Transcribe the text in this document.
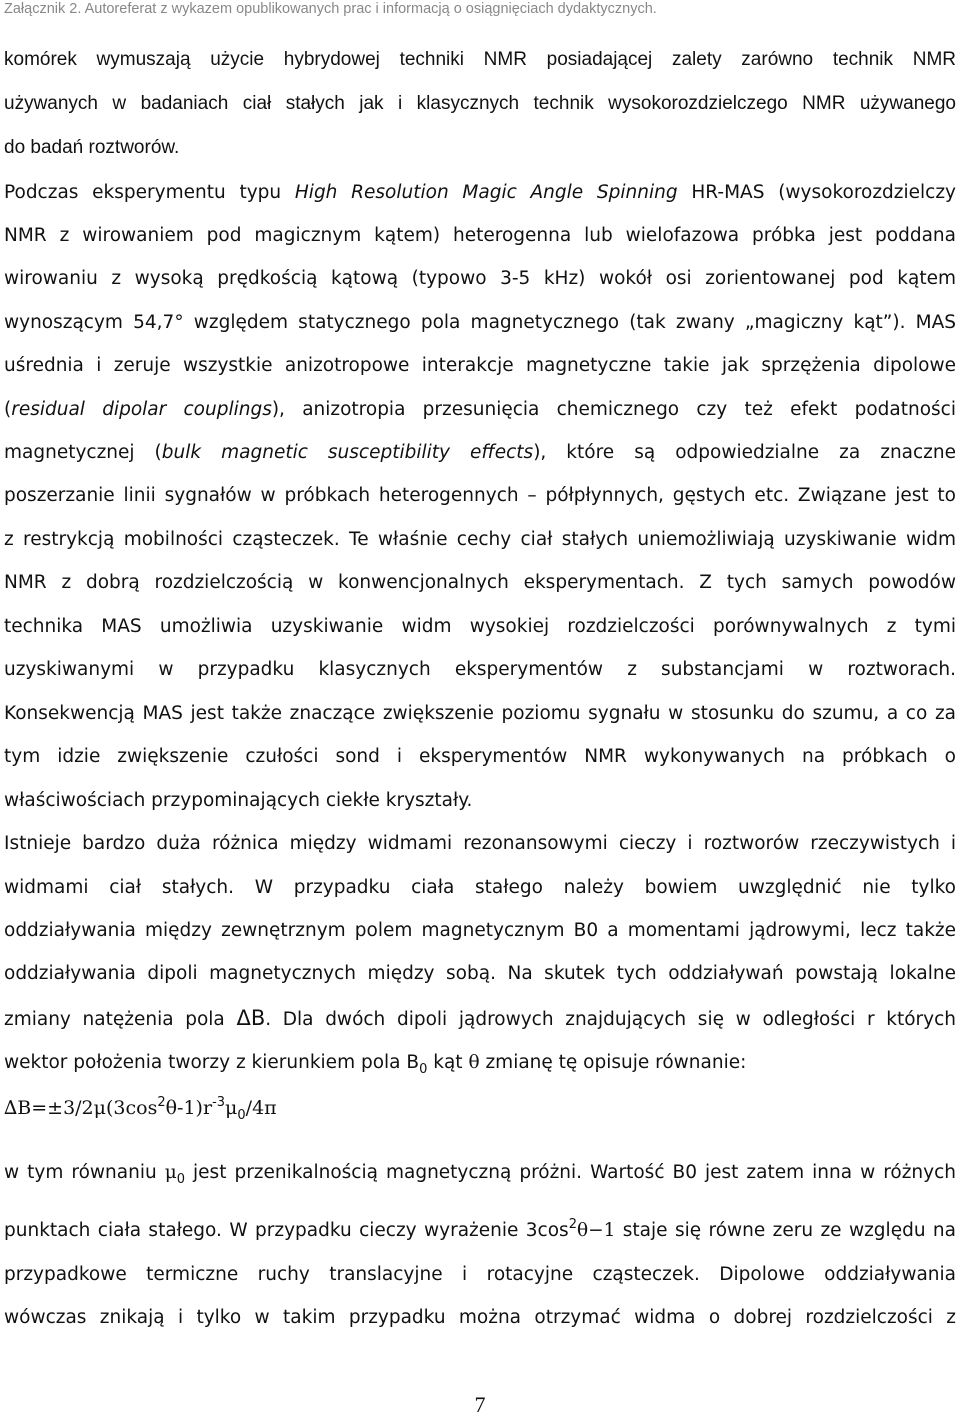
Załącznik 2. Autoreferat z wykazem opublikowanych prac i informacją o osiągnięciach dydaktycznych.
komórek wymuszają użycie hybrydowej techniki NMR posiadającej zalety zarówno technik NMR
używanych w badaniach ciał stałych jak i klasycznych technik wysokorozdzielczego NMR używanego
do badań roztworów.
Podczas eksperymentu typu High Resolution Magic Angle Spinning HR-MAS (wysokorozdzielczy
NMR z wirowaniem pod magicznym kątem) heterogenna lub wielofazowa próbka jest poddana
wirowaniu z wysoką prędkością kątową (typowo 3-5 kHz) wokół osi zorientowanej pod kątem
wynoszącym 54,7° względem statycznego pola magnetycznego (tak zwany „magiczny kąt”). MAS
uśrednia i zeruje wszystkie anizotropowe interakcje magnetyczne takie jak sprzężenia dipolowe
(residual dipolar couplings), anizotropia przesunięcia chemicznego czy też efekt podatności
magnetycznej (bulk magnetic susceptibility effects), które są odpowiedzialne za znaczne
poszerzanie linii sygnałów w próbkach heterogennych – półpłynnych, gęstych etc. Związane jest to
z restrykcją mobilności cząsteczek. Te właśnie cechy ciał stałych uniemożliwiają uzyskiwanie widm
NMR z dobrą rozdzielczością w konwencjonalnych eksperymentach. Z tych samych powodów
technika MAS umożliwia uzyskiwanie widm wysokiej rozdzielczości porównywalnych z tymi
uzyskiwanymi w przypadku klasycznych eksperymentów z substancjami w roztworach.
Konsekwencją MAS jest także znaczące zwiększenie poziomu sygnału w stosunku do szumu, a co za
tym idzie zwiększenie czułości sond i eksperymentów NMR wykonywanych na próbkach o
właściwościach przypominających ciekłe kryształy.
Istnieje bardzo duża różnica między widmami rezonansowymi cieczy i roztworów rzeczywistych i
widmami ciał stałych. W przypadku ciała stałego należy bowiem uwzględnić nie tylko
oddziaływania między zewnętrznym polem magnetycznym B0 a momentami jądrowymi, lecz także
oddziaływania dipoli magnetycznych między sobą. Na skutek tych oddziaływań powstają lokalne
zmiany natężenia pola ΔB. Dla dwóch dipoli jądrowych znajdujących się w odległości r których
wektor położenia tworzy z kierunkiem pola $B_0$ kąt θ zmianę tę opisuje równanie:
$\Delta B=\pm 3/2\mu(3\cos^2\theta-1)r^{-3}\mu_0/4\pi$
w tym równaniu $\mu_0$ jest przenikalnością magnetyczną próżni. Wartość B0 jest zatem inna w różnych
punktach ciała stałego. W przypadku cieczy wyrażenie $3\cos^2\theta-1$ staje się równe zeru ze względu na
przypadkowe termiczne ruchy translacyjne i rotacyjne cząsteczek. Dipolowe oddziaływania
wówczas znikają i tylko w takim przypadku można otrzymać widma o dobrej rozdzielczości z
7
